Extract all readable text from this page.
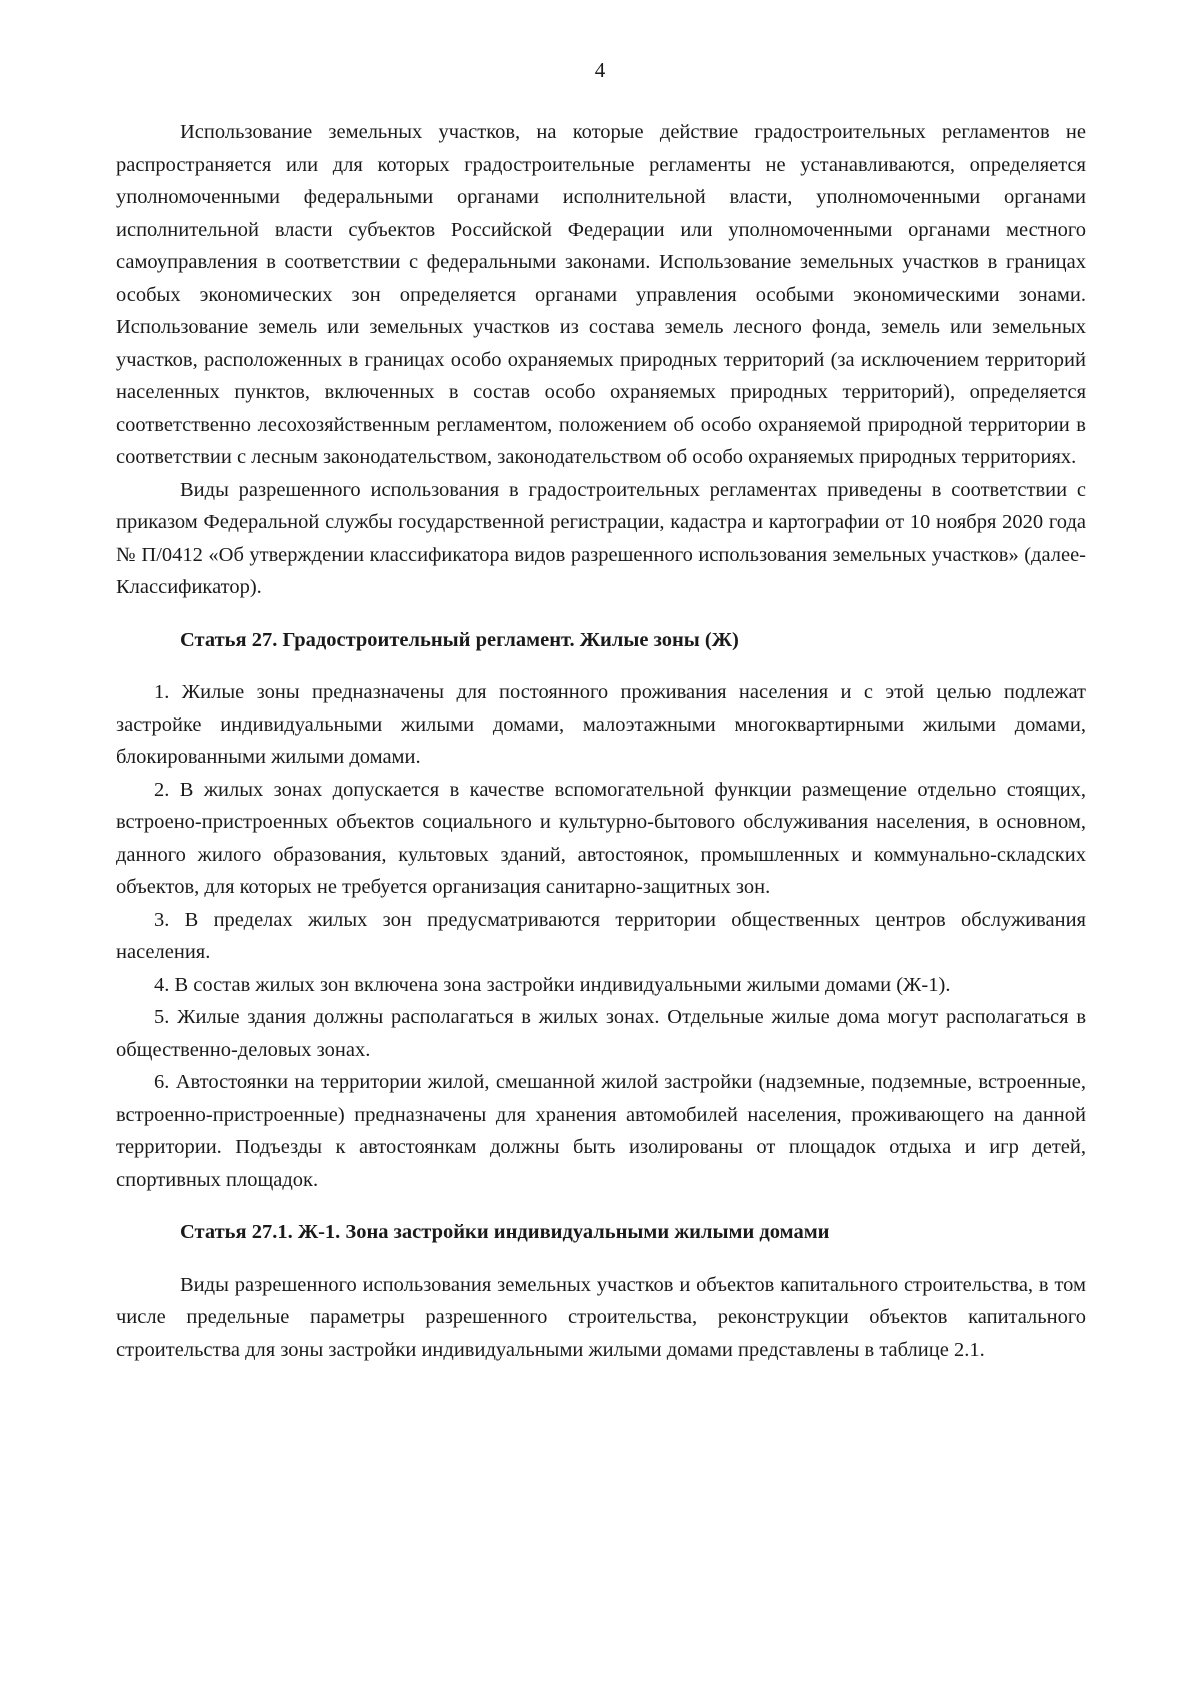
4

Использование земельных участков, на которые действие градостроительных регламентов не распространяется или для которых градостроительные регламенты не устанавливаются, определяется уполномоченными федеральными органами исполнительной власти, уполномоченными органами исполнительной власти субъектов Российской Федерации или уполномоченными органами местного самоуправления в соответствии с федеральными законами. Использование земельных участков в границах особых экономических зон определяется органами управления особыми экономическими зонами. Использование земель или земельных участков из состава земель лесного фонда, земель или земельных участков, расположенных в границах особо охраняемых природных территорий (за исключением территорий населенных пунктов, включенных в состав особо охраняемых природных территорий), определяется соответственно лесохозяйственным регламентом, положением об особо охраняемой природной территории в соответствии с лесным законодательством, законодательством об особо охраняемых природных территориях.

Виды разрешенного использования в градостроительных регламентах приведены в соответствии с приказом Федеральной службы государственной регистрации, кадастра и картографии от 10 ноября 2020 года № П/0412 «Об утверждении классификатора видов разрешенного использования земельных участков» (далее-Классификатор).

Статья 27. Градостроительный регламент. Жилые зоны (Ж)

1. Жилые зоны предназначены для постоянного проживания населения и с этой целью подлежат застройке индивидуальными жилыми домами, малоэтажными многоквартирными жилыми домами, блокированными жилыми домами.

2. В жилых зонах допускается в качестве вспомогательной функции размещение отдельно стоящих, встроено-пристроенных объектов социального и культурно-бытового обслуживания населения, в основном, данного жилого образования, культовых зданий, автостоянок, промышленных и коммунально-складских объектов, для которых не требуется организация санитарно-защитных зон.

3. В пределах жилых зон предусматриваются территории общественных центров обслуживания населения.

4. В состав жилых зон включена зона застройки индивидуальными жилыми домами (Ж-1).

5. Жилые здания должны располагаться в жилых зонах. Отдельные жилые дома могут располагаться в общественно-деловых зонах.

6. Автостоянки на территории жилой, смешанной жилой застройки (надземные, подземные, встроенные, встроенно-пристроенные) предназначены для хранения автомобилей населения, проживающего на данной территории. Подъезды к автостоянкам должны быть изолированы от площадок отдыха и игр детей, спортивных площадок.

Статья 27.1. Ж-1. Зона застройки индивидуальными жилыми домами

Виды разрешенного использования земельных участков и объектов капитального строительства, в том числе предельные параметры разрешенного строительства, реконструкции объектов капитального строительства для зоны застройки индивидуальными жилыми домами представлены в таблице 2.1.
